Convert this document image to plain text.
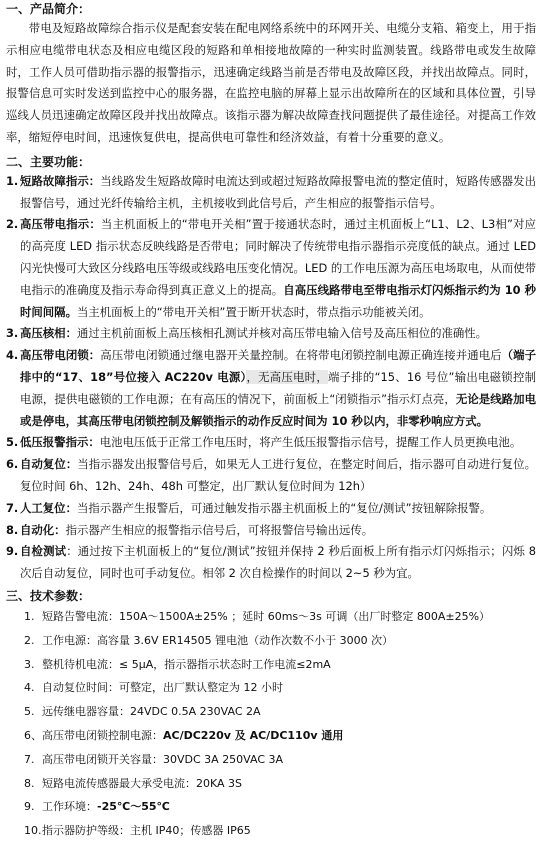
一、产品简介：

带电及短路故障综合指示仪是配套安装在配电网络系统中的环网开关、电缆分支箱、箱变上，用于指示相应电缆带电状态及相应电缆区段的短路和单相接地故障的一种实时监测装置。线路带电或发生故障时，工作人员可借助指示器的报警指示，迅速确定线路当前是否带电及故障区段，并找出故障点。同时，报警信息可实时发送到监控中心的服务器，在监控电脑的屏幕上显示出故障所在的区域和具体位置，引导巡线人员迅速确定故障区段并找出故障点。该指示器为解决故障查找问题提供了最佳途径。对提高工作效率，缩短停电时间，迅速恢复供电，提高供电可靠性和经济效益，有着十分重要的意义。

二、主要功能：
1. 短路故障指示：当线路发生短路故障时电流达到或超过短路故障报警电流的整定值时，短路传感器发出报警信号，通过光纤传输给主机，主机接收到此信号后，产生相应的报警指示信号。
2. 高压带电指示：当主机面板上的“带电开关相”置于接通状态时，通过主机面板上“L1、L2、L3相”对应的高亮度 LED 指示状态反映线路是否带电；同时解决了传统带电指示器指示亮度低的缺点。通过 LED 闪光快慢可大致区分线路电压等级或线路电压变化情况。LED 的工作电压源为高压电场取电，从而使带电指示的准确度及指示寿命得到真正意义上的提高。自高压线路带电至带电指示灯闪烁指示约为 10 秒时间间隔。当主机面板上的“带电开关相”置于断开状态时，带点指示功能被关闭。
3. 高压核相：通过主机前面板上高压核相孔测试并核对高压带电输入信号及高压相位的准确性。
4. 高压带电闭锁：高压带电闭锁通过继电器开关量控制。在将带电闭锁控制电源正确连接并通电后（端子排中的“17、18”号位接入 AC220v 电源），无高压电时，端子排的“15、16 号位”输出电磁锁控制电源，提供电磁锁的工作电源；在有高压的情况下，前面板上“闭锁指示”指示灯点亮，无论是线路加电或是停电，其高压带电闭锁控制及解锁指示的动作反应时间为 10 秒以内，非零秒响应方式。
5. 低压报警指示：电池电压低于正常工作电压时，将产生低压报警指示信号，提醒工作人员更换电池。
6. 自动复位：当指示器发出报警信号后，如果无人工进行复位，在整定时间后，指示器可自动进行复位。复位时间 6h、12h、24h、48h 可整定，出厂默认复位时间为 12h）
7. 人工复位：当指示器产生报警后，可通过触发指示器主机面板上的“复位/测试”按钮解除报警。
8. 自动化：指示器产生相应的报警指示信号后，可将报警信号输出远传。
9. 自检测试：通过按下主机面板上的“复位/测试”按钮并保持 2 秒后面板上所有指示灯闪烁指示；闪烁 8 次后自动复位，同时也可手动复位。相邻 2 次自检操作的时间以 2~5 秒为宜。
三、技术参数：
1. 短路告警电流：150A～1500A±25% ；延时 60ms～3s 可调（出厂时整定 800A±25%）
2. 工作电源：高容量 3.6V ER14505 锂电池（动作次数不小于 3000 次）
3. 整机待机电流：≤ 5μA，指示器指示状态时工作电流≤2mA
4. 自动复位时间：可整定，出厂默认整定为 12 小时
5. 远传继电器容量：24VDC 0.5A 230VAC 2A
6、高压带电闭锁控制电源：AC/DC220v 及 AC/DC110v 通用
7. 高压带电闭锁开关容量：30VDC 3A 250VAC 3A
8. 短路电流传感器最大承受电流：20KA 3S
9. 工作环境：-25℃～55℃
10.指示器防护等级：主机 IP40；传感器 IP65
